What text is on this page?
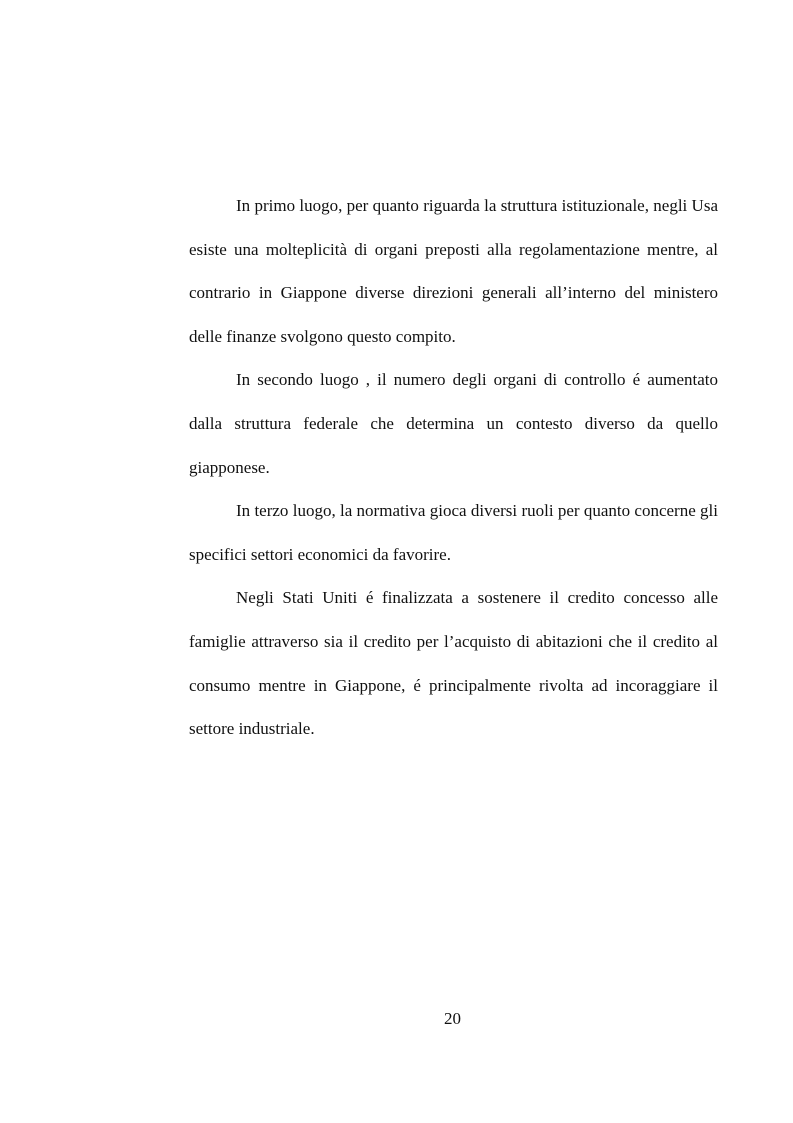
In primo luogo, per quanto riguarda la struttura istituzionale, negli Usa esiste una molteplicità di organi preposti alla regolamentazione mentre, al contrario in Giappone diverse direzioni generali all’interno del ministero delle finanze svolgono questo compito.

In secondo luogo , il numero degli organi di controllo é aumentato dalla struttura federale che determina un contesto diverso da quello giapponese.

In terzo luogo, la normativa gioca diversi ruoli per quanto concerne gli specifici settori economici da favorire.

Negli Stati Uniti é finalizzata a sostenere il credito concesso alle famiglie attraverso sia il credito per l’acquisto di abitazioni che il credito al consumo mentre in Giappone, é principalmente rivolta ad incoraggiare il settore industriale.

20
